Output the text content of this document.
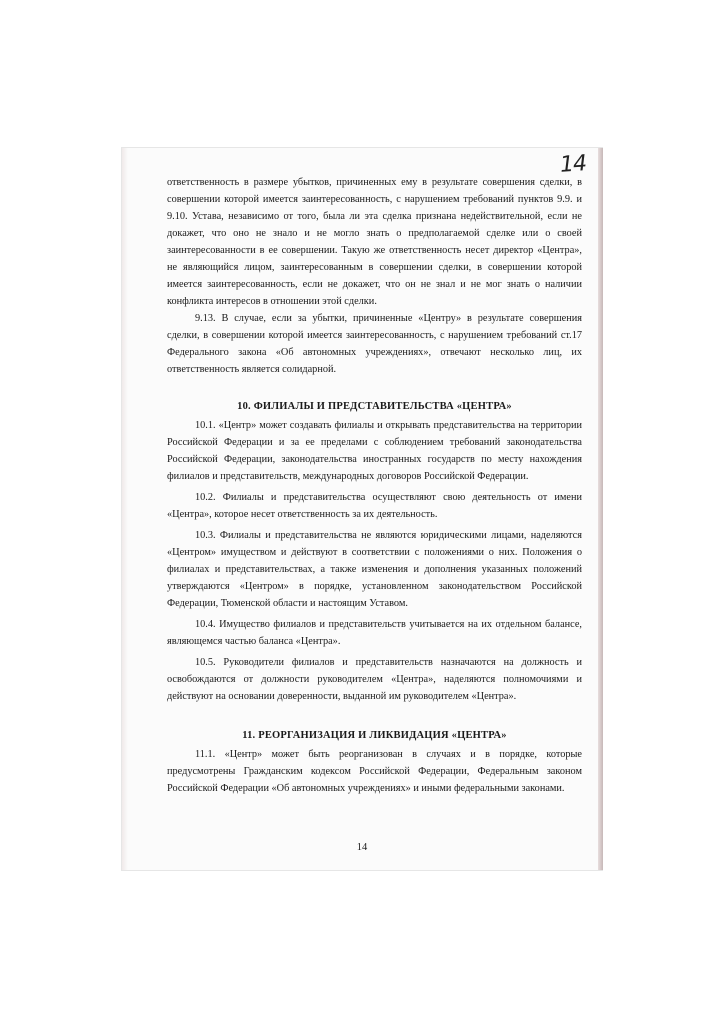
14

ответственность в размере убытков, причиненных ему в результате совершения сделки, в совершении которой имеется заинтересованность, с нарушением требований пунктов 9.9. и 9.10. Устава, независимо от того, была ли эта сделка признана недействительной, если не докажет, что оно не знало и не могло знать о предполагаемой сделке или о своей заинтересованности в ее совершении. Такую же ответственность несет директор «Центра», не являющийся лицом, заинтересованным в совершении сделки, в совершении которой имеется заинтересованность, если не докажет, что он не знал и не мог знать о наличии конфликта интересов в отношении этой сделки.

9.13. В случае, если за убытки, причиненные «Центру» в результате совершения сделки, в совершении которой имеется заинтересованность, с нарушением требований ст.17 Федерального закона «Об автономных учреждениях», отвечают несколько лиц, их ответственность является солидарной.

10. ФИЛИАЛЫ И ПРЕДСТАВИТЕЛЬСТВА «ЦЕНТРА»

10.1. «Центр» может создавать филиалы и открывать представительства на территории Российской Федерации и за ее пределами с соблюдением требований законодательства Российской Федерации, законодательства иностранных государств по месту нахождения филиалов и представительств, международных договоров Российской Федерации.

10.2. Филиалы и представительства осуществляют свою деятельность от имени «Центра», которое несет ответственность за их деятельность.

10.3. Филиалы и представительства не являются юридическими лицами, наделяются «Центром» имуществом и действуют в соответствии с положениями о них. Положения о филиалах и представительствах, а также изменения и дополнения указанных положений утверждаются «Центром» в порядке, установленном законодательством Российской Федерации, Тюменской области и настоящим Уставом.

10.4. Имущество филиалов и представительств учитывается на их отдельном балансе, являющемся частью баланса «Центра».

10.5. Руководители филиалов и представительств назначаются на должность и освобождаются от должности руководителем «Центра», наделяются полномочиями и действуют на основании доверенности, выданной им руководителем «Центра».

11. РЕОРГАНИЗАЦИЯ И ЛИКВИДАЦИЯ «ЦЕНТРА»

11.1. «Центр» может быть реорганизован в случаях и в порядке, которые предусмотрены Гражданским кодексом Российской Федерации, Федеральным законом Российской Федерации «Об автономных учреждениях» и иными федеральными законами.

14
